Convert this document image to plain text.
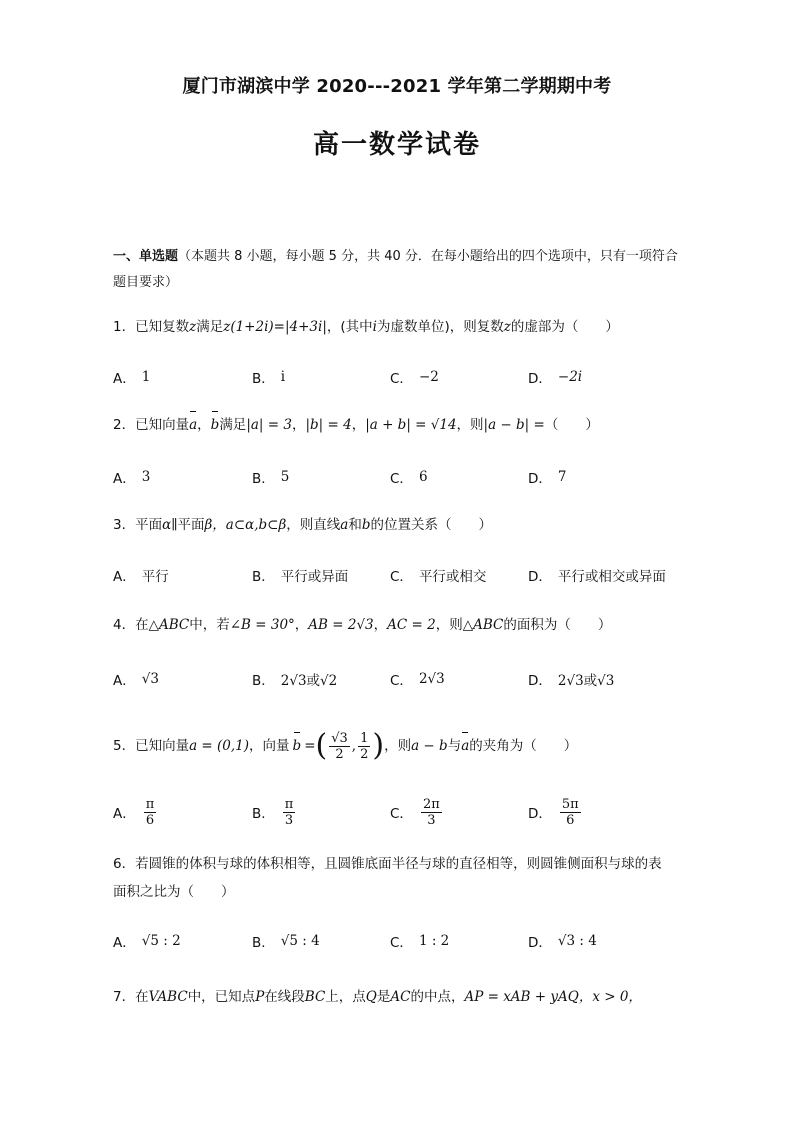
厦门市湖滨中学 2020---2021 学年第二学期期中考
高一数学试卷
一、单选题（本题共 8 小题，每小题 5 分，共 40 分．在每小题给出的四个选项中，只有一项符合题目要求）
1．已知复数z满足z(1+2i)=|4+3i|，(其中i为虚数单位)，则复数z的虚部为（　　）
A． 1	B． i	C． −2	D． −2i
2．已知向量a，b满足|a| = 3，|b| = 4，|a + b| = √14，则|a − b| =（　　）
A． 3	B． 5	C． 6	D． 7
3．平面α∥平面β，a⊂α,b⊂β，则直线a和b的位置关系（　　）
A． 平行	B． 平行或异面	C． 平行或相交	D． 平行或相交或异面
4．在△ABC中，若∠B = 30°，AB = 2√3，AC = 2，则△ABC的面积为（　　）
A． √3	B． 2√3或√2	C． 2√3	D． 2√3或√3
5． 已知向量 a = (0,1) ，向量 b = ( $\frac{√3}{2}$ , $\frac{1}{2}$ ) ，则 a − b 与 a 的夹角为（　　）
A． $\frac{\pi}{6}$	B． $\frac{\pi}{3}$	C． $\frac{2\pi}{3}$	D． $\frac{5\pi}{6}$
6．若圆锥的体积与球的体积相等，且圆锥底面半径与球的直径相等，则圆锥侧面积与球的表
面积之比为（　　）
A． √5 : 2	B． √5 : 4	C． 1 : 2	D． √3 : 4
7．在VABC中，已知点P在线段BC上，点Q是AC的中点，AP = xAB + yAQ，x > 0，
